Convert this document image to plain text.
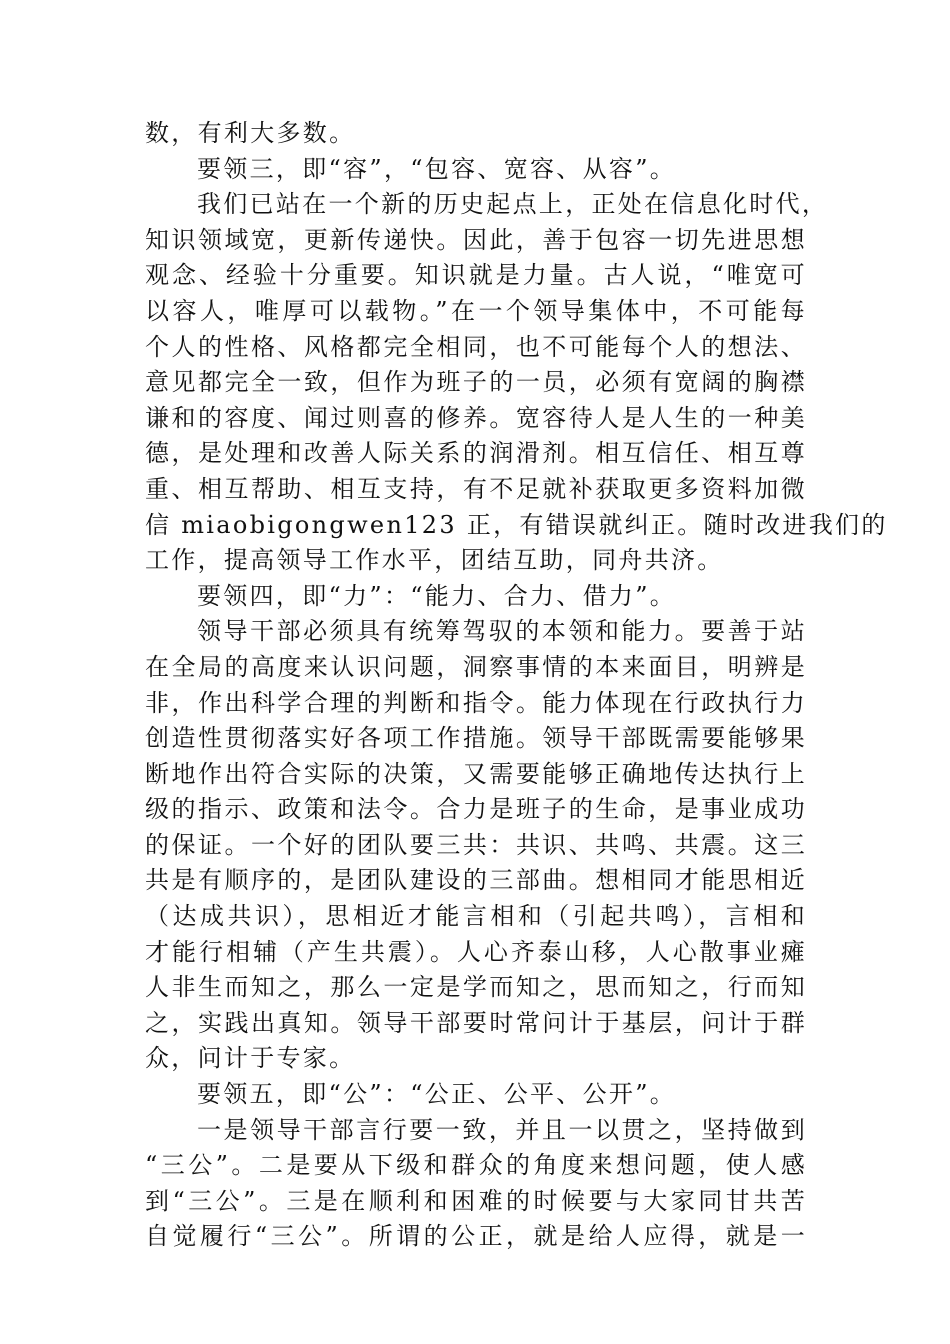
数，有利大多数。
要领三，即“容”，“包容、宽容、从容”。
我们已站在一个新的历史起点上，正处在信息化时代，
知识领域宽，更新传递快。因此，善于包容一切先进思想
观念、经验十分重要。知识就是力量。古人说，“唯宽可
以容人，唯厚可以载物。”在一个领导集体中，不可能每
个人的性格、风格都完全相同，也不可能每个人的想法、
意见都完全一致，但作为班子的一员，必须有宽阔的胸襟
谦和的容度、闻过则喜的修养。宽容待人是人生的一种美
德，是处理和改善人际关系的润滑剂。相互信任、相互尊
重、相互帮助、相互支持，有不足就补获取更多资料加微
信 miaobigongwen123 正，有错误就纠正。随时改进我们的
工作，提高领导工作水平，团结互助，同舟共济。
要领四，即“力”：“能力、合力、借力”。
领导干部必须具有统筹驾驭的本领和能力。要善于站
在全局的高度来认识问题，洞察事情的本来面目，明辨是
非，作出科学合理的判断和指令。能力体现在行政执行力
创造性贯彻落实好各项工作措施。领导干部既需要能够果
断地作出符合实际的决策，又需要能够正确地传达执行上
级的指示、政策和法令。合力是班子的生命，是事业成功
的保证。一个好的团队要三共：共识、共鸣、共震。这三
共是有顺序的，是团队建设的三部曲。想相同才能思相近
（达成共识），思相近才能言相和（引起共鸣），言相和
才能行相辅（产生共震）。人心齐泰山移，人心散事业瘫
人非生而知之，那么一定是学而知之，思而知之，行而知
之，实践出真知。领导干部要时常问计于基层，问计于群
众，问计于专家。
要领五，即“公”：“公正、公平、公开”。
一是领导干部言行要一致，并且一以贯之，坚持做到
“三公”。二是要从下级和群众的角度来想问题，使人感
到“三公”。三是在顺利和困难的时候要与大家同甘共苦
自觉履行“三公”。所谓的公正，就是给人应得，就是一
